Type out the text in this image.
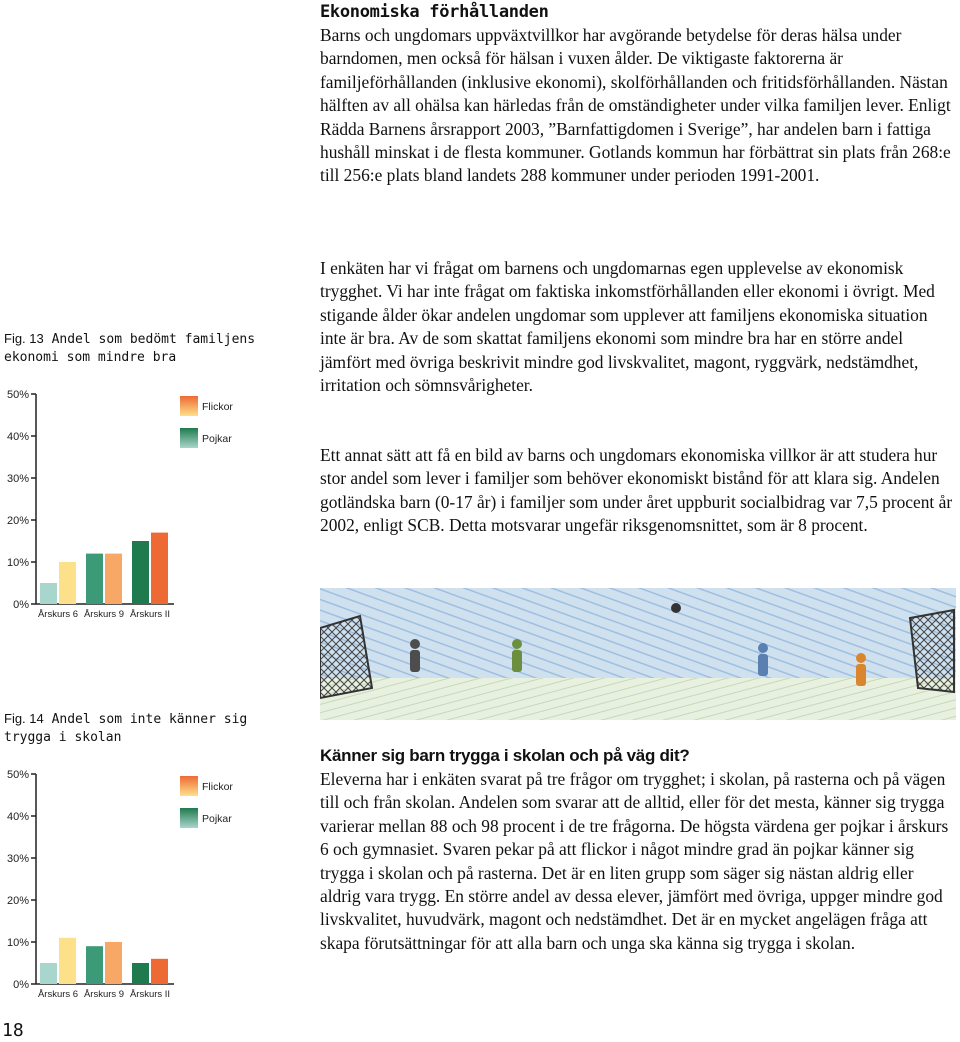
Ekonomiska förhållanden

Barns och ungdomars uppväxtvillkor har avgörande betydelse för deras hälsa under barndomen, men också för hälsan i vuxen ålder. De viktigaste faktorerna är familjeförhållanden (inklusive ekonomi), skolförhållanden och fritidsförhållanden. Nästan hälften av all ohälsa kan härledas från de omständigheter under vilka familjen lever. Enligt Rädda Barnens årsrapport 2003, ”Barnfattigdomen i Sverige”, har andelen barn i fattiga hushåll minskat i de flesta kommuner. Gotlands kommun har förbättrat sin plats från 268:e till 256:e plats bland landets 288 kommuner under perioden 1991-2001.

I enkäten har vi frågat om barnens och ungdomarnas egen upplevelse av ekonomisk trygghet. Vi har inte frågat om faktiska inkomstförhållanden eller ekonomi i övrigt. Med stigande ålder ökar andelen ungdomar som upplever att familjens ekonomiska situation inte är bra. Av de som skattat familjens ekonomi som mindre bra har en större andel jämfört med övriga beskrivit mindre god livskvalitet, magont, ryggvärk, nedstämdhet, irritation och sömnsvårigheter.

Ett annat sätt att få en bild av barns och ungdomars ekonomiska villkor är att studera hur stor andel som lever i familjer som behöver ekonomiskt bistånd för att klara sig. Andelen gotländska barn (0-17 år) i familjer som under året uppburit socialbidrag var 7,5 procent år 2002, enligt SCB. Detta motsvarar ungefär riksgenomsnittet, som är 8 procent.

Fig. 13 Andel som bedömt familjens ekonomi som mindre bra
0%
10%
20%
30%
40%
50%
Årskurs 6 Årskurs 9 Årskurs II
Flickor
Pojkar
Fig. 14 Andel som inte känner sig trygga i skolan
0%
10%
20%
30%
40%
50%
Årskurs 6 Årskurs 9 Årskurs II
Flickor
Pojkar
Känner sig barn trygga i skolan och på väg dit?

Eleverna har i enkäten svarat på tre frågor om trygghet; i skolan, på rasterna och på vägen till och från skolan. Andelen som svarar att de alltid, eller för det mesta, känner sig trygga varierar mellan 88 och 98 procent i de tre frågorna. De högsta värdena ger pojkar i årskurs 6 och gymnasiet. Svaren pekar på att flickor i något mindre grad än pojkar känner sig trygga i skolan och på rasterna. Det är en liten grupp som säger sig nästan aldrig eller aldrig vara trygg. En större andel av dessa elever, jämfört med övriga, uppger mindre god livskvalitet, huvudvärk, magont och nedstämdhet. Det är en mycket angelägen fråga att skapa förutsättningar för att alla barn och unga ska känna sig trygga i skolan.

18
